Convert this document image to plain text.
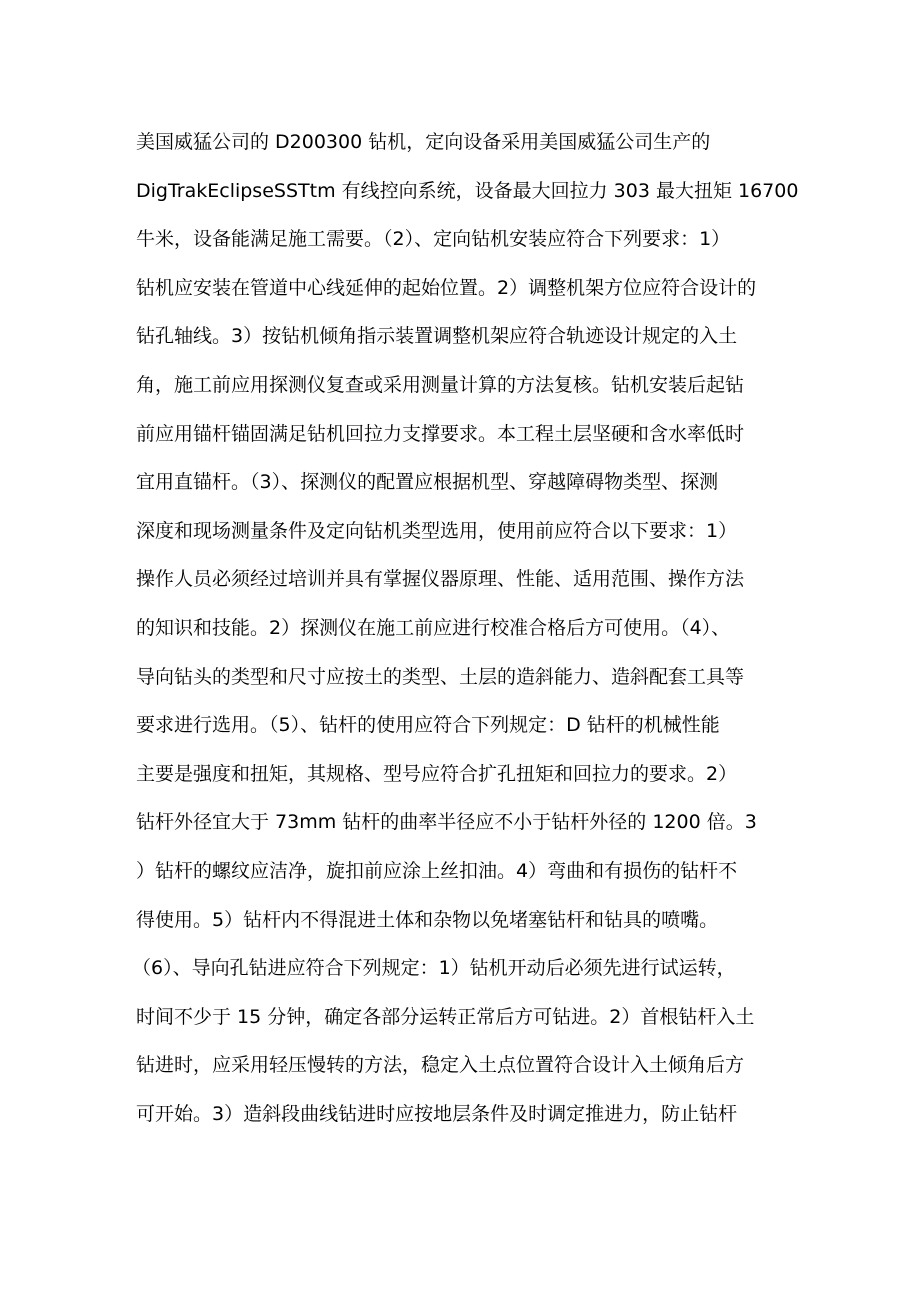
美国威猛公司的 D200300 钻机，定向设备采用美国威猛公司生产的
DigTrakEclipseSSTtm 有线控向系统，设备最大回拉力 303 最大扭矩 16700
牛米，设备能满足施工需要。（2）、定向钻机安装应符合下列要求：1）
钻机应安装在管道中心线延伸的起始位置。2）调整机架方位应符合设计的
钻孔轴线。3）按钻机倾角指示装置调整机架应符合轨迹设计规定的入土
角，施工前应用探测仪复查或采用测量计算的方法复核。钻机安装后起钻
前应用锚杆锚固满足钻机回拉力支撑要求。本工程土层坚硬和含水率低时
宜用直锚杆。（3）、探测仪的配置应根据机型、穿越障碍物类型、探测
深度和现场测量条件及定向钻机类型选用，使用前应符合以下要求：1）
操作人员必须经过培训并具有掌握仪器原理、性能、适用范围、操作方法
的知识和技能。2）探测仪在施工前应进行校准合格后方可使用。（4）、
导向钻头的类型和尺寸应按土的类型、土层的造斜能力、造斜配套工具等
要求进行选用。（5）、钻杆的使用应符合下列规定：D 钻杆的机械性能
主要是强度和扭矩，其规格、型号应符合扩孔扭矩和回拉力的要求。2）
钻杆外径宜大于 73mm 钻杆的曲率半径应不小于钻杆外径的 1200 倍。3
）钻杆的螺纹应洁净，旋扣前应涂上丝扣油。4）弯曲和有损伤的钻杆不
得使用。5）钻杆内不得混进土体和杂物以免堵塞钻杆和钻具的喷嘴。
（6）、导向孔钻进应符合下列规定：1）钻机开动后必须先进行试运转，
时间不少于 15 分钟，确定各部分运转正常后方可钻进。2）首根钻杆入土
钻进时，应采用轻压慢转的方法，稳定入土点位置符合设计入土倾角后方
可开始。3）造斜段曲线钻进时应按地层条件及时调定推进力，防止钻杆
